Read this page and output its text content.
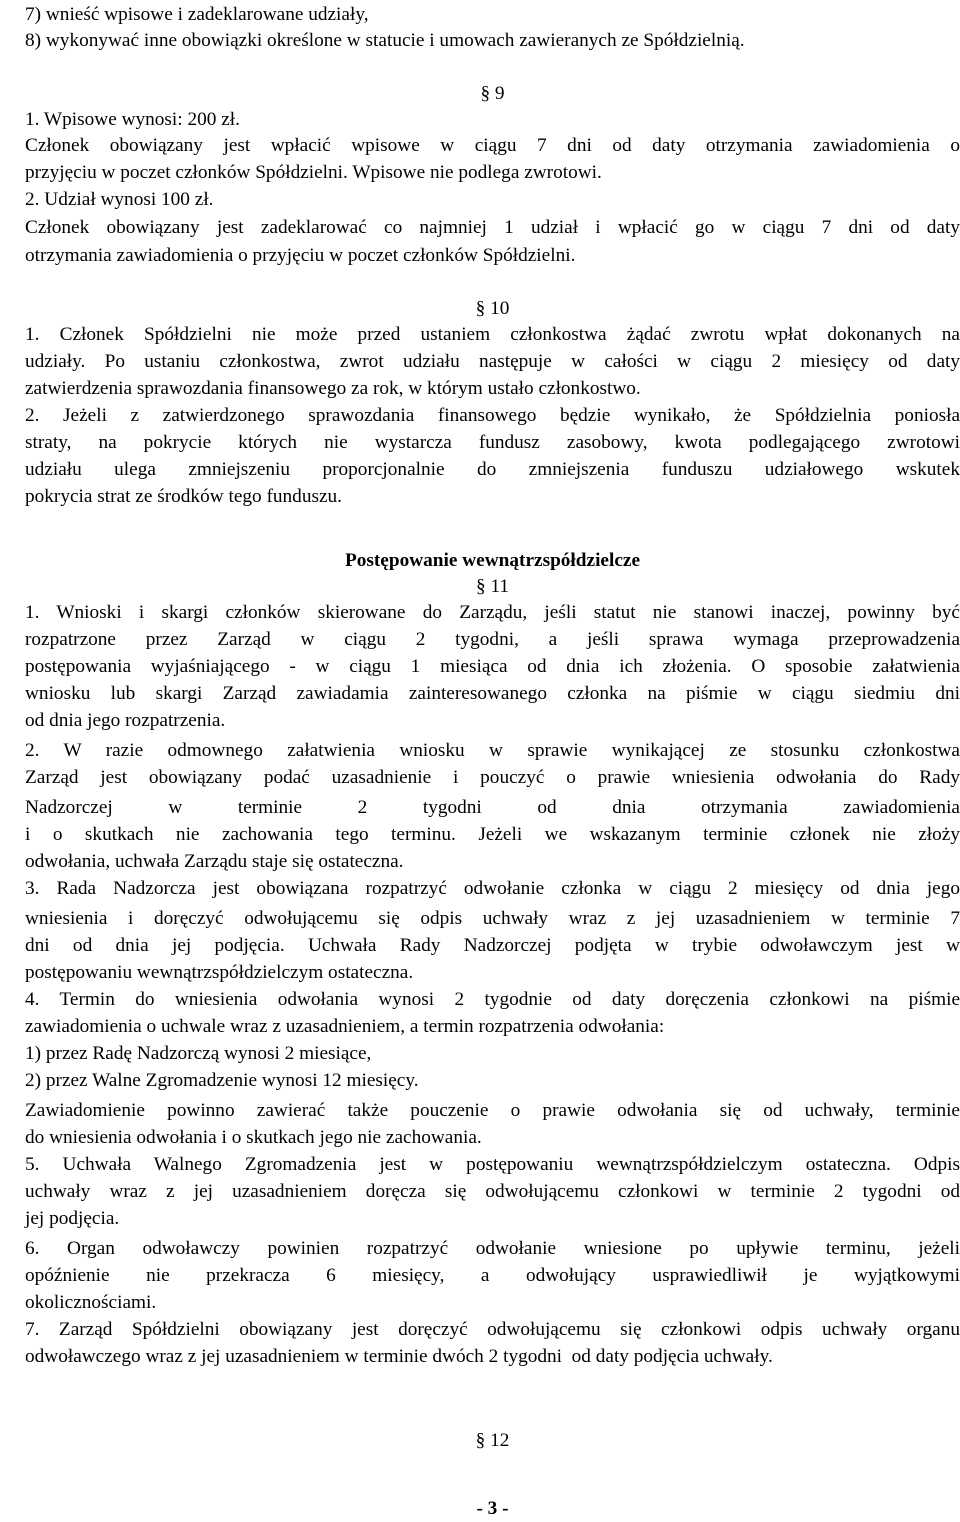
7) wnieść wpisowe i zadeklarowane udziały,
8) wykonywać inne obowiązki określone w statucie i umowach zawieranych ze Spółdzielnią.
§ 9
1. Wpisowe wynosi: 200 zł.
Członek obowiązany jest wpłacić wpisowe w ciągu 7 dni od daty otrzymania zawiadomienia o
przyjęciu w poczet członków Spółdzielni. Wpisowe nie podlega zwrotowi.
2. Udział wynosi 100 zł.
Członek obowiązany jest zadeklarować co najmniej 1 udział i wpłacić go w ciągu 7 dni od daty
otrzymania zawiadomienia o przyjęciu w poczet członków Spółdzielni.
§ 10
1. Członek Spółdzielni nie może przed ustaniem członkostwa żądać zwrotu wpłat dokonanych na
udziały. Po ustaniu członkostwa, zwrot udziału następuje w całości w ciągu 2 miesięcy od daty
zatwierdzenia sprawozdania finansowego za rok, w którym ustało członkostwo.
2. Jeżeli z zatwierdzonego sprawozdania finansowego będzie wynikało, że Spółdzielnia poniosła
straty, na pokrycie których nie wystarcza fundusz zasobowy, kwota podlegającego zwrotowi
udziału ulega zmniejszeniu proporcjonalnie do zmniejszenia funduszu udziałowego wskutek
pokrycia strat ze środków tego funduszu.
Postępowanie wewnątrzspółdzielcze
§ 11
1. Wnioski i skargi członków skierowane do Zarządu, jeśli statut nie stanowi inaczej, powinny być
rozpatrzone przez Zarząd w ciągu 2 tygodni, a jeśli sprawa wymaga przeprowadzenia
postępowania wyjaśniającego - w ciągu 1 miesiąca od dnia ich złożenia. O sposobie załatwienia
wniosku lub skargi Zarząd zawiadamia zainteresowanego członka na piśmie w ciągu siedmiu dni
od dnia jego rozpatrzenia.
2. W razie odmownego załatwienia wniosku w sprawie wynikającej ze stosunku członkostwa
Zarząd jest obowiązany podać uzasadnienie i pouczyć o prawie wniesienia odwołania do Rady
Nadzorczej w terminie 2 tygodni od dnia otrzymania zawiadomienia
i o skutkach nie zachowania tego terminu. Jeżeli we wskazanym terminie członek nie złoży
odwołania, uchwała Zarządu staje się ostateczna.
3. Rada Nadzorcza jest obowiązana rozpatrzyć odwołanie członka w ciągu 2 miesięcy od dnia jego
wniesienia i doręczyć odwołującemu się odpis uchwały wraz z jej uzasadnieniem w terminie 7
dni od dnia jej podjęcia. Uchwała Rady Nadzorczej podjęta w trybie odwoławczym jest w
postępowaniu wewnątrzspółdzielczym ostateczna.
4. Termin do wniesienia odwołania wynosi 2 tygodnie od daty doręczenia członkowi na piśmie
zawiadomienia o uchwale wraz z uzasadnieniem, a termin rozpatrzenia odwołania:
1) przez Radę Nadzorczą wynosi 2 miesiące,
2) przez Walne Zgromadzenie wynosi 12 miesięcy.
Zawiadomienie powinno zawierać także pouczenie o prawie odwołania się od uchwały, terminie
do wniesienia odwołania i o skutkach jego nie zachowania.
5. Uchwała Walnego Zgromadzenia jest w postępowaniu wewnątrzspółdzielczym ostateczna. Odpis
uchwały wraz z jej uzasadnieniem doręcza się odwołującemu członkowi w terminie 2 tygodni od
jej podjęcia.
6. Organ odwoławczy powinien rozpatrzyć odwołanie wniesione po upływie terminu, jeżeli
opóźnienie nie przekracza 6 miesięcy, a odwołujący usprawiedliwił je wyjątkowymi
okolicznościami.
7. Zarząd Spółdzielni obowiązany jest doręczyć odwołującemu się członkowi odpis uchwały organu
odwoławczego wraz z jej uzasadnieniem w terminie dwóch 2 tygodni  od daty podjęcia uchwały.
§ 12
- 3 -
